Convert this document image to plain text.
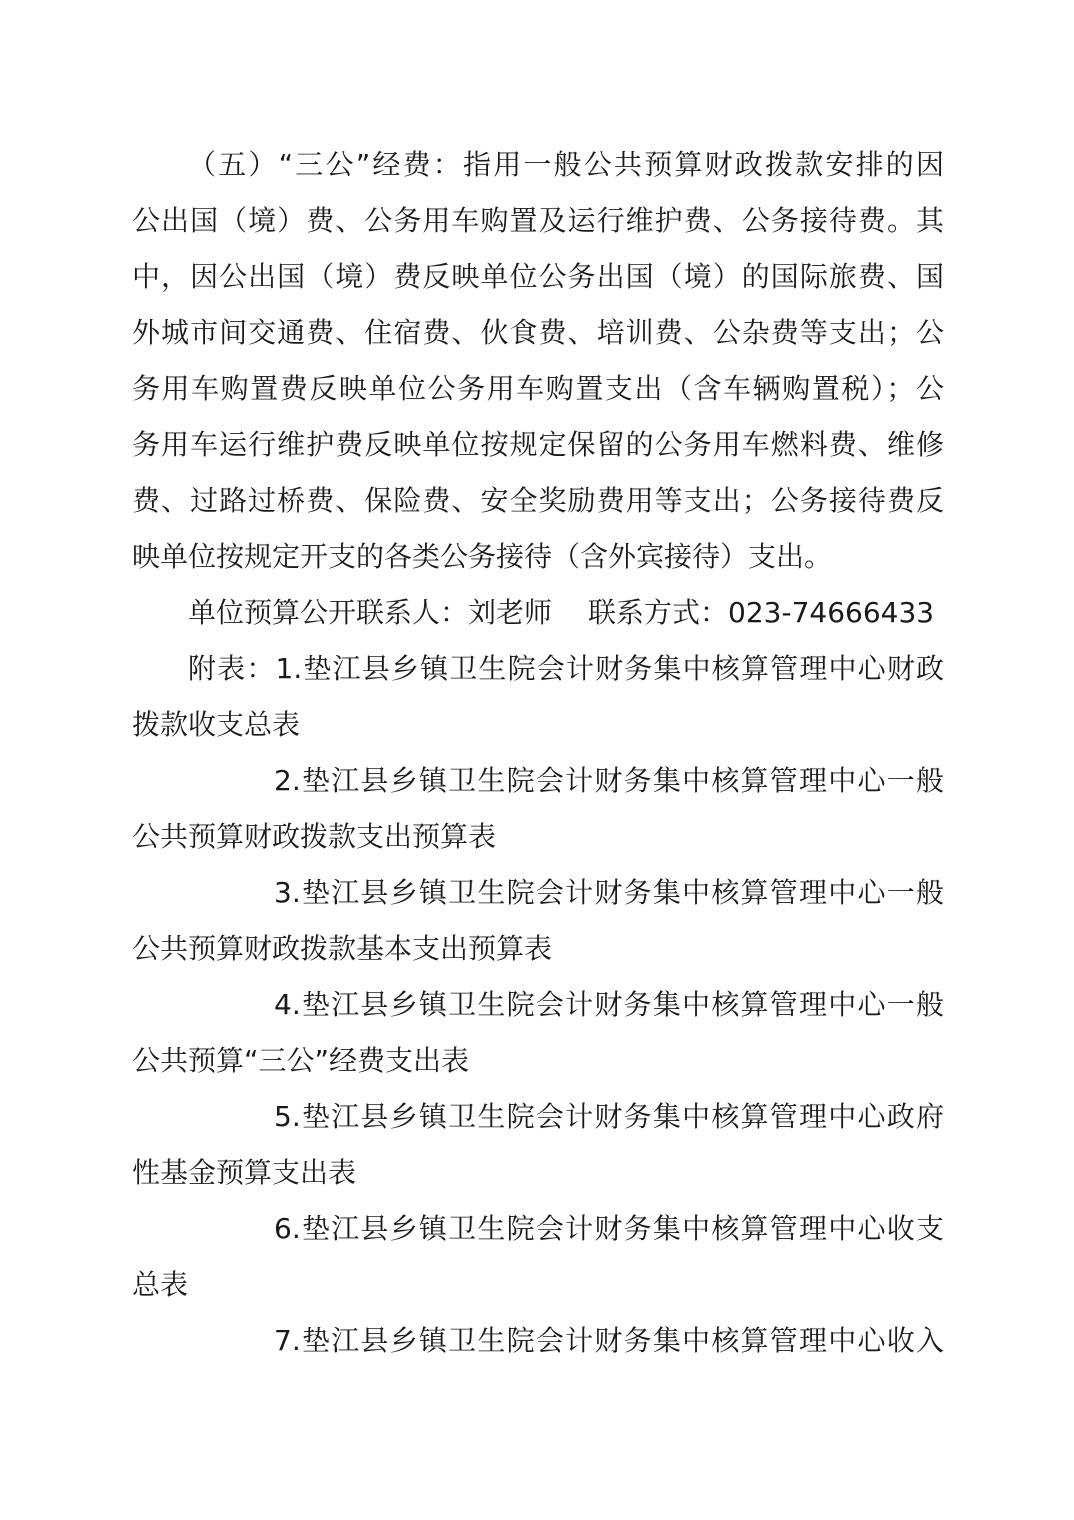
（五）“三公”经费：指用一般公共预算财政拨款安排的因
公出国（境）费、公务用车购置及运行维护费、公务接待费。其
中，因公出国（境）费反映单位公务出国（境）的国际旅费、国
外城市间交通费、住宿费、伙食费、培训费、公杂费等支出；公
务用车购置费反映单位公务用车购置支出（含车辆购置税）；公
务用车运行维护费反映单位按规定保留的公务用车燃料费、维修
费、过路过桥费、保险费、安全奖励费用等支出；公务接待费反
映单位按规定开支的各类公务接待（含外宾接待）支出。
单位预算公开联系人：刘老师 联系方式：023-74666433
附表：1.垫江县乡镇卫生院会计财务集中核算管理中心财政
拨款收支总表
2.垫江县乡镇卫生院会计财务集中核算管理中心一般
公共预算财政拨款支出预算表
3.垫江县乡镇卫生院会计财务集中核算管理中心一般
公共预算财政拨款基本支出预算表
4.垫江县乡镇卫生院会计财务集中核算管理中心一般
公共预算“三公”经费支出表
5.垫江县乡镇卫生院会计财务集中核算管理中心政府
性基金预算支出表
6.垫江县乡镇卫生院会计财务集中核算管理中心收支
总表
7.垫江县乡镇卫生院会计财务集中核算管理中心收入
